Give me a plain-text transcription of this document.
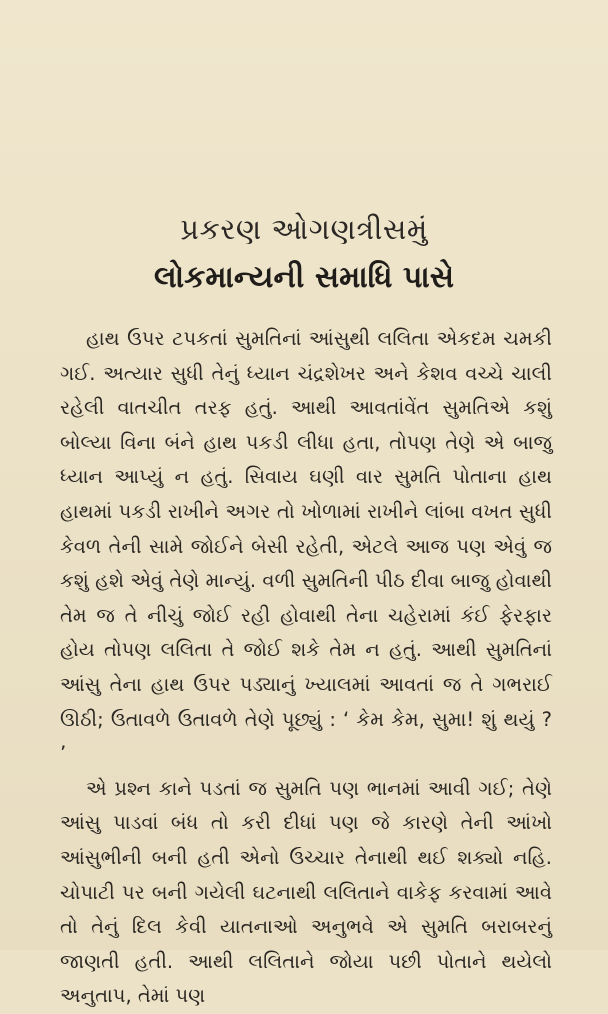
પ્રકરણ ઓગણત્રીસમું
લોકમાન્યની સમાધિ પાસે

હાથ ઉપર ટપકતાં સુમતિનાં આંસુથી લલિતા એકદમ ચમકી ગઈ. અત્યાર સુધી તેનું ધ્યાન ચંદ્રશેખર અને કેશવ વચ્ચે ચાલી રહેલી વાતચીત તરફ હતું. આથી આવતાંવેંત સુમતિએ કશું બોલ્યા વિના બંને હાથ પકડી લીધા હતા, તોપણ તેણે એ બાજુ ધ્યાન આપ્યું ન હતું. સિવાય ઘણી વાર સુમતિ પોતાના હાથ હાથમાં પકડી રાખીને અગર તો ખોળામાં રાખીને લાંબા વખત સુધી કેવળ તેની સામે જોઈને બેસી રહેતી, એટલે આજ પણ એવું જ કશું હશે એવું તેણે માન્યું. વળી સુમતિની પીઠ દીવા બાજુ હોવાથી તેમ જ તે નીચું જોઈ રહી હોવાથી તેના ચહેરામાં કંઈ ફેરફાર હોય તોપણ લલિતા તે જોઈ શકે તેમ ન હતું. આથી સુમતિનાં આંસુ તેના હાથ ઉપર પડ્યાનું ખ્યાલમાં આવતાં જ તે ગભરાઈ ઊઠી; ઉતાવળે ઉતાવળે તેણે પૂછ્યું : ‘ કેમ કેમ, સુમા! શું થયું ? ’

એ પ્રશ્ન કાને પડતાં જ સુમતિ પણ ભાનમાં આવી ગઈ; તેણે આંસુ પાડવાં બંધ તો કરી દીધાં પણ જે કારણે તેની આંખો આંસુભીની બની હતી એનો ઉચ્ચાર તેનાથી થઈ શક્યો નહિ. ચોપાટી પર બની ગયેલી ઘટનાથી લલિતાને વાકેફ કરવામાં આવે તો તેનું દિલ કેવી યાતનાઓ અનુભવે એ સુમતિ બરાબરનું જાણતી હતી. આથી લલિતાને જોયા પછી પોતાને થયેલો અનુતાપ, તેમાં પણ
